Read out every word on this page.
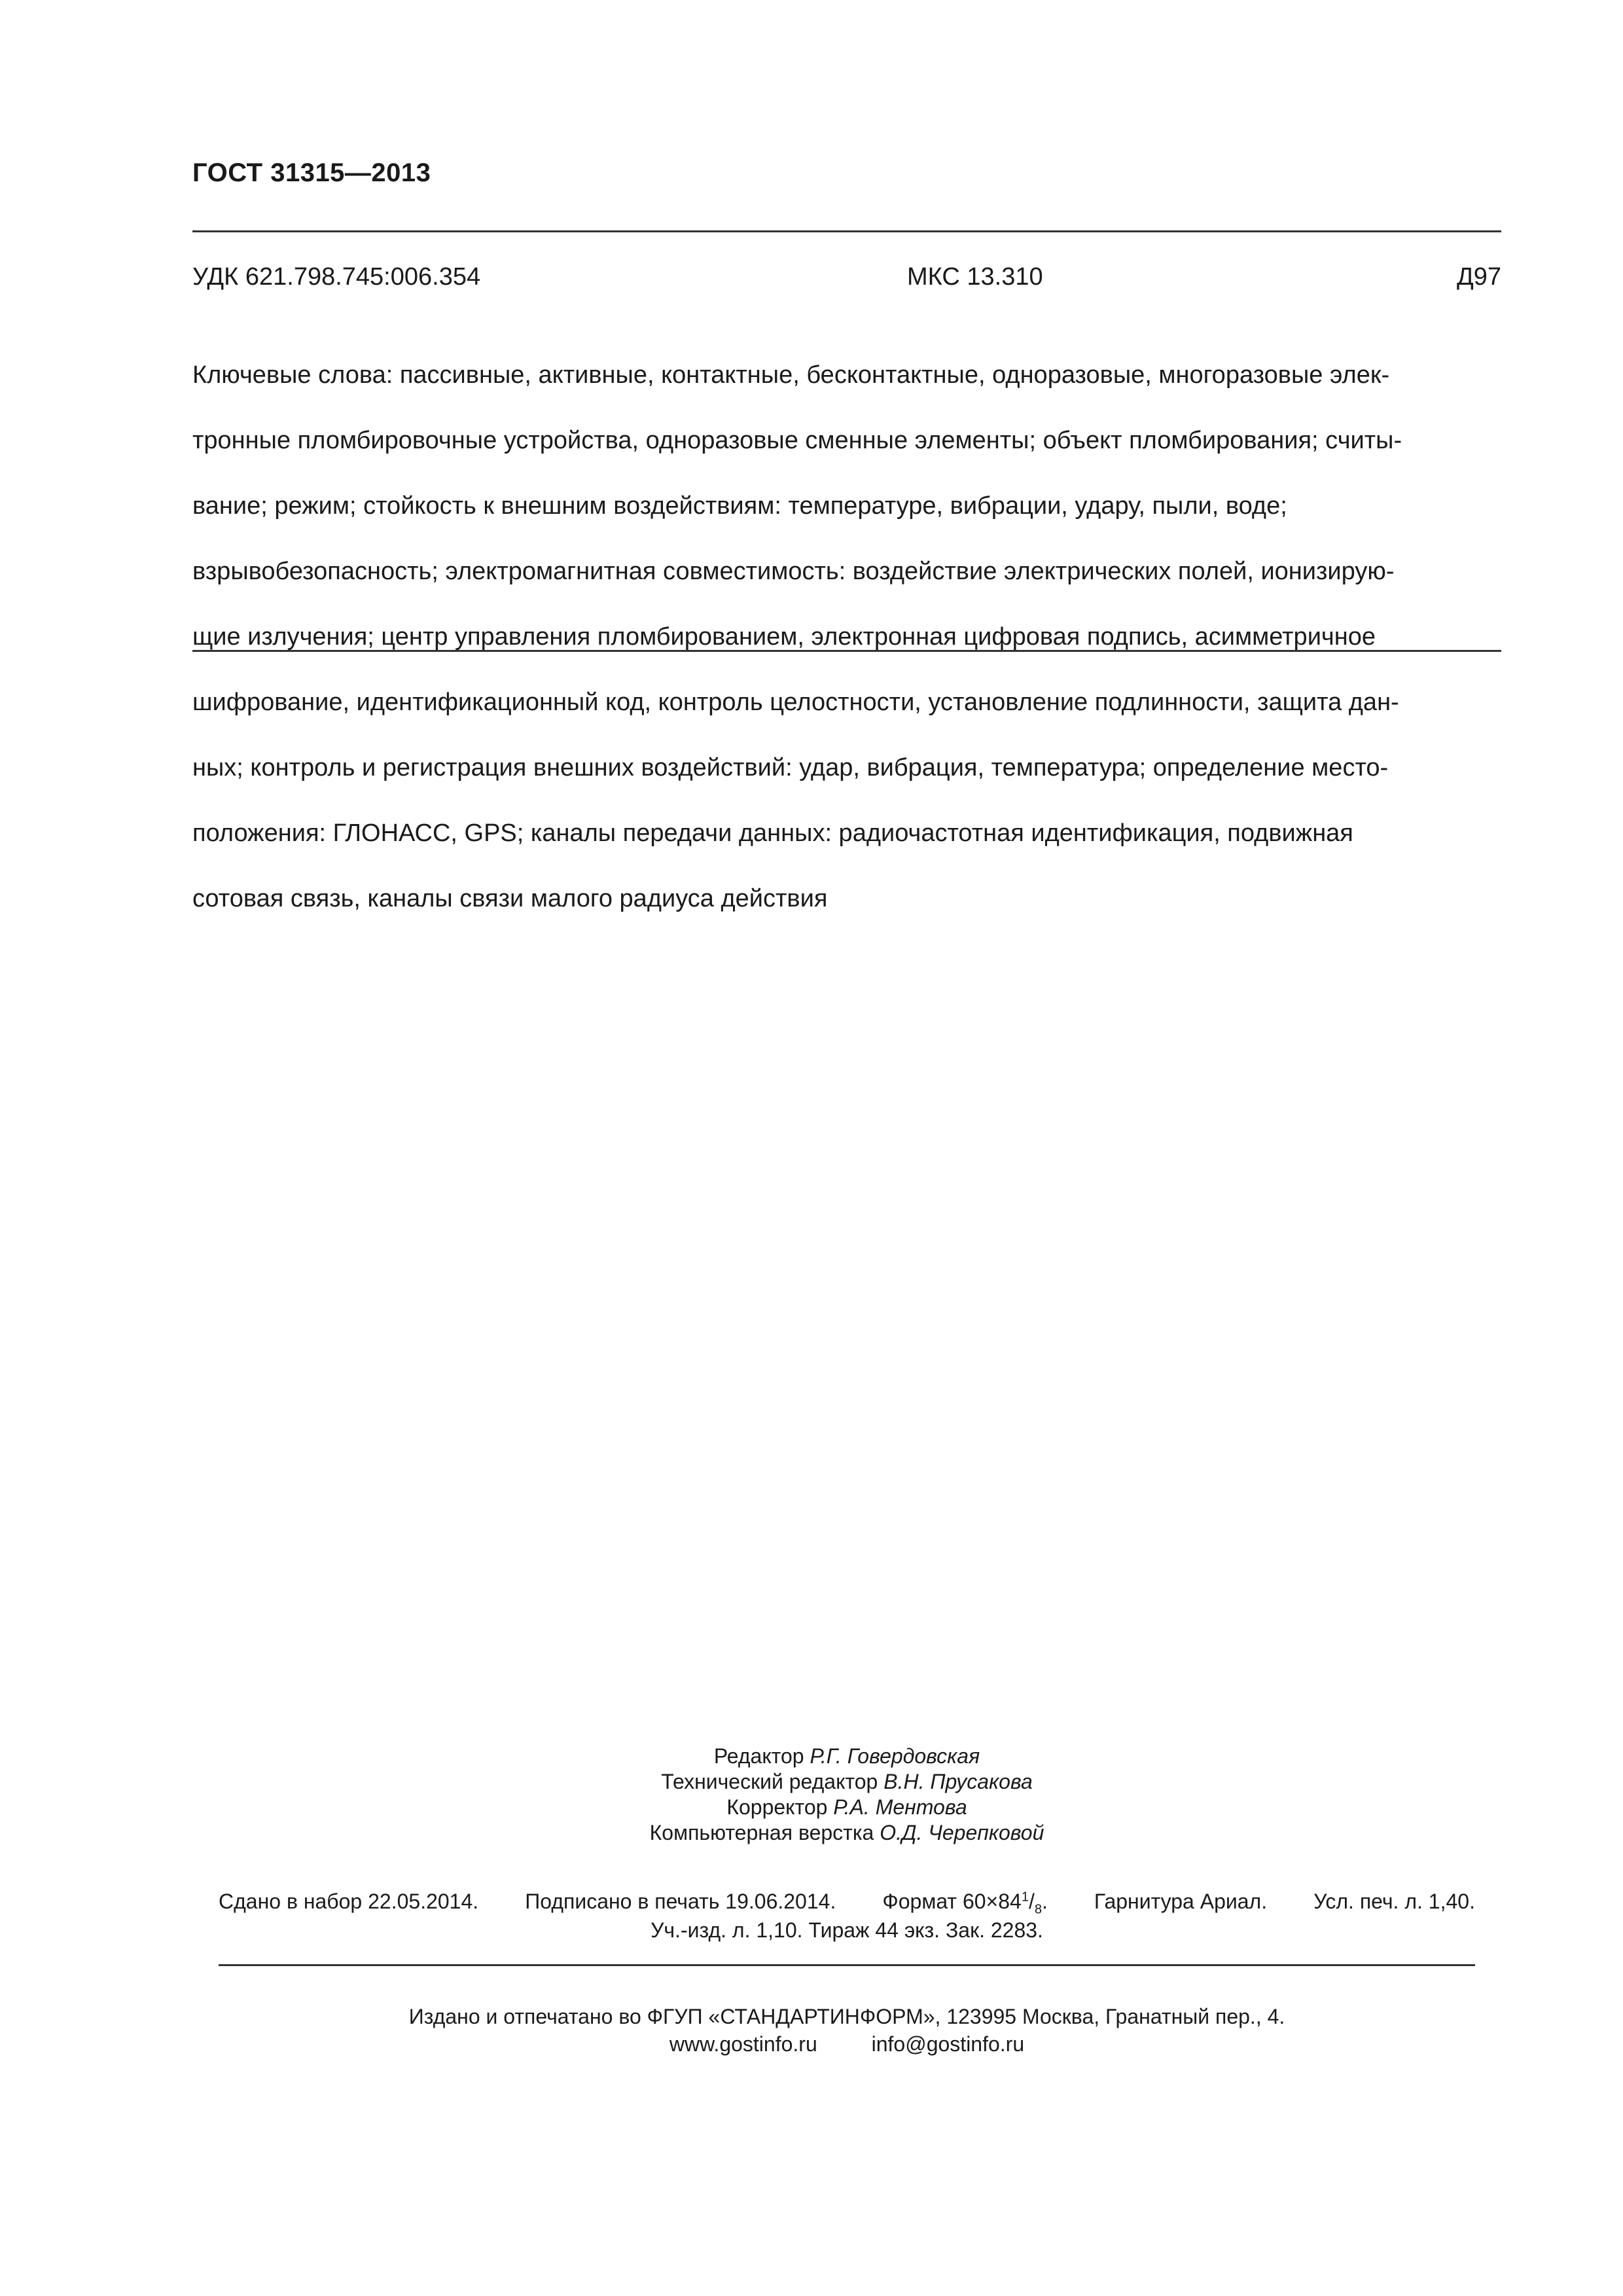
ГОСТ 31315—2013
УДК 621.798.745:006.354	МКС 13.310	Д97

Ключевые слова: пассивные, активные, контактные, бесконтактные, одноразовые, многоразовые элек-

тронные пломбировочные устройства, одноразовые сменные элементы; объект пломбирования; считы-

вание; режим; стойкость к внешним воздействиям: температуре, вибрации, удару, пыли, воде;

взрывобезопасность; электромагнитная совместимость: воздействие электрических полей, ионизирую-

щие излучения; центр управления пломбированием, электронная цифровая подпись, асимметричное

шифрование, идентификационный код, контроль целостности, установление подлинности, защита дан-

ных; контроль и регистрация внешних воздействий: удар, вибрация, температура; определение место-

положения: ГЛОНАСС, GPS; каналы передачи данных: радиочастотная идентификация, подвижная

сотовая связь, каналы связи малого радиуса действия

Редактор Р.Г. Говердовская
Технический редактор В.Н. Прусакова
Корректор Р.А. Ментова
Компьютерная верстка О.Д. Черепковой
Сдано в набор 22.05.2014. Подписано в печать 19.06.2014. Формат $60\times 84^1/_8$. Гарнитура Ариал. Усл. печ. л. 1,40.
Уч.-изд. л. 1,10. Тираж 44 экз. Зак. 2283.
Издано и отпечатано во ФГУП «СТАНДАРТИНФОРМ», 123995 Москва, Гранатный пер., 4.
www.gostinfo.ru	info@gostinfo.ru
